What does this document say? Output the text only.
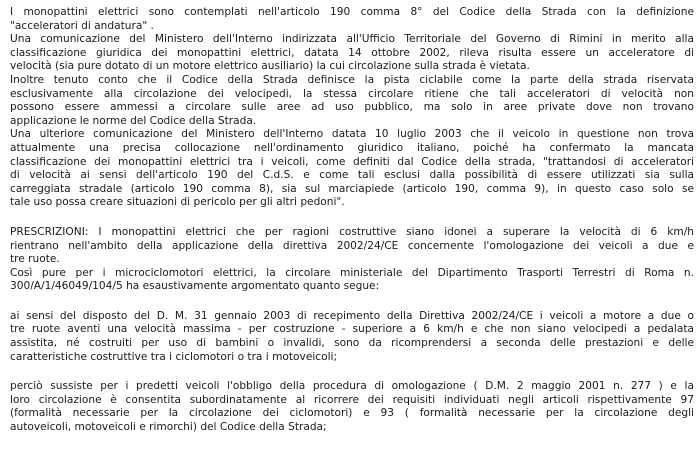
I monopattini elettrici sono contemplati nell'articolo 190 comma 8° del Codice della Strada con la definizione
"acceleratori di andatura" .
Una comunicazione del Ministero dell'Interno indirizzata all'Ufficio Territoriale del Governo di Rimini in merito alla
classificazione giuridica dei monopattini elettrici, datata 14 ottobre 2002, rileva risulta essere un acceleratore di
velocità (sia pure dotato di un motore elettrico ausiliario) la cui circolazione sulla strada è vietata.
Inoltre tenuto conto che il Codice della Strada definisce la pista ciclabile come la parte della strada riservata
esclusivamente alla circolazione dei velocipedi, la stessa circolare ritiene che tali acceleratori di velocità non
possono essere ammessi a circolare sulle aree ad uso pubblico, ma solo in aree private dove non trovano
applicazione le norme del Codice della Strada.
Una ulteriore comunicazione del Ministero dell'Interno datata 10 luglio 2003 che il veicolo in questione non trova
attualmente una precisa collocazione nell'ordinamento giuridico italiano, poiché ha confermato la mancata
classificazione dei monopattini elettrici tra i veicoli, come definiti dal Codice della strada, "trattandosi di acceleratori
di velocità ai sensi dell'articolo 190 del C.d.S. e come tali esclusi dalla possibilità di essere utilizzati sia sulla
carreggiata stradale (articolo 190 comma 8), sia sul marciapiede (articolo 190, comma 9), in questo caso solo se
tale uso possa creare situazioni di pericolo per gli altri pedoni".
PRESCRIZIONI: I monopattini elettrici che per ragioni costruttive siano idonei a superare la velocità di 6 km/h
rientrano nell'ambito della applicazione della direttiva 2002/24/CE concernente l'omologazione dei veicoli a due e
tre ruote.
Così pure per i microciclomotori elettrici, la circolare ministeriale del Dipartimento Trasporti Terrestri di Roma n.
300/A/1/46049/104/5 ha esaustivamente argomentato quanto segue:
ai sensi del disposto del D. M. 31 gennaio 2003 di recepimento della Direttiva 2002/24/CE i veicoli a motore a due o
tre ruote aventi una velocità massima - per costruzione - superiore a 6 km/h e che non siano velocipedi a pedalata
assistita, né costruiti per uso di bambini o invalidi, sono da ricomprendersi a seconda delle prestazioni e delle
caratteristiche costruttive tra i ciclomotori o tra i motoveicoli;
perciò sussiste per i predetti veicoli l'obbligo della procedura di omologazione ( D.M. 2 maggio 2001 n. 277 ) e la
loro circolazione è consentita subordinatamente al ricorrere dei requisiti individuati negli articoli rispettivamente 97
(formalità necessarie per la circolazione dei ciclomotori) e 93 ( formalità necessarie per la circolazione degli
autoveicoli, motoveicoli e rimorchi) del Codice della Strada;
